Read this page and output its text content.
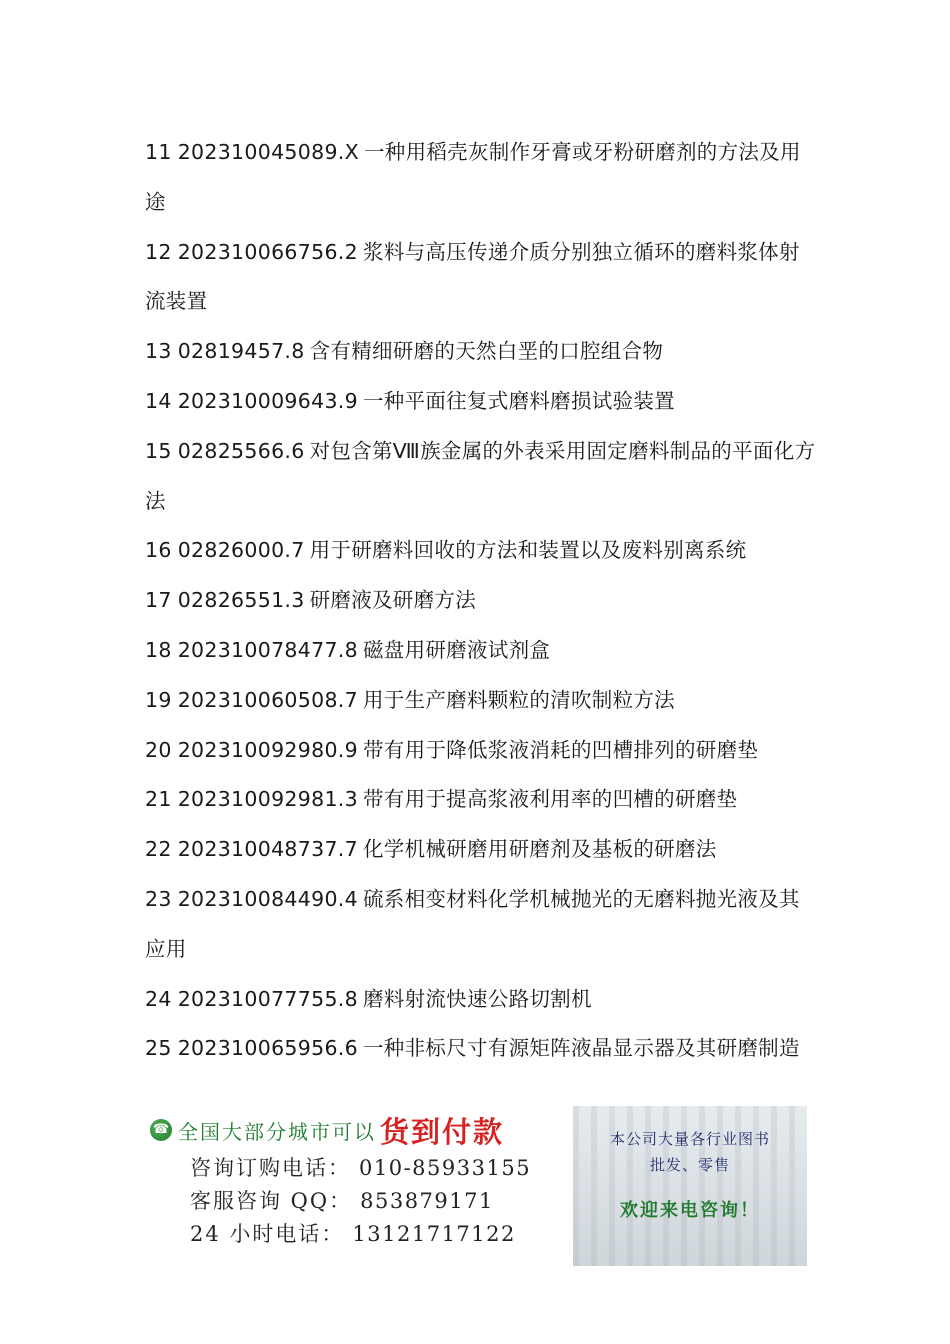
11 202310045089.X 一种用稻壳灰制作牙膏或牙粉研磨剂的方法及用途
12 202310066756.2 浆料与高压传递介质分别独立循环的磨料浆体射流装置
13 02819457.8 含有精细研磨的天然白垩的口腔组合物
14 202310009643.9 一种平面往复式磨料磨损试验装置
15 02825566.6 对包含第Ⅷ族金属的外表采用固定磨料制品的平面化方法
16 02826000.7 用于研磨料回收的方法和装置以及废料别离系统
17 02826551.3 研磨液及研磨方法
18 202310078477.8 磁盘用研磨液试剂盒
19 202310060508.7 用于生产磨料颗粒的清吹制粒方法
20 202310092980.9 带有用于降低浆液消耗的凹槽排列的研磨垫
21 202310092981.3 带有用于提高浆液利用率的凹槽的研磨垫
22 202310048737.7 化学机械研磨用研磨剂及基板的研磨法
23 202310084490.4 硫系相变材料化学机械抛光的无磨料抛光液及其应用
24 202310077755.8 磨料射流快速公路切割机
25 202310065956.6 一种非标尺寸有源矩阵液晶显示器及其研磨制造
☎ 全国大部分城市可以 货到付款
咨询订购电话： 010-85933155
客服咨询 QQ： 853879171
24 小时电话： 13121717122
本公司大量各行业图书
批发、零售
欢迎来电咨询！
